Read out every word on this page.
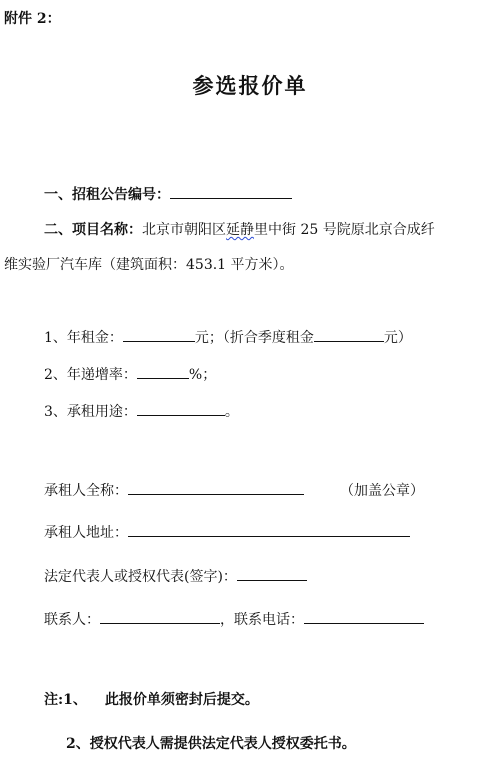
附件 2：
参选报价单
一、招租公告编号：
二、项目名称：北京市朝阳区延静里中街 25 号院原北京合成纤
维实验厂汽车库（建筑面积：453.1 平方米）。
1、年租金：	元；（折合季度租金	元）
2、年递增率：	%；
3、承租用途：	。
承租人全称：	（加盖公章）
承租人地址：
法定代表人或授权代表(签字)：
联系人：	，联系电话：
注:1、 此报价单须密封后提交。
2、授权代表人需提供法定代表人授权委托书。
